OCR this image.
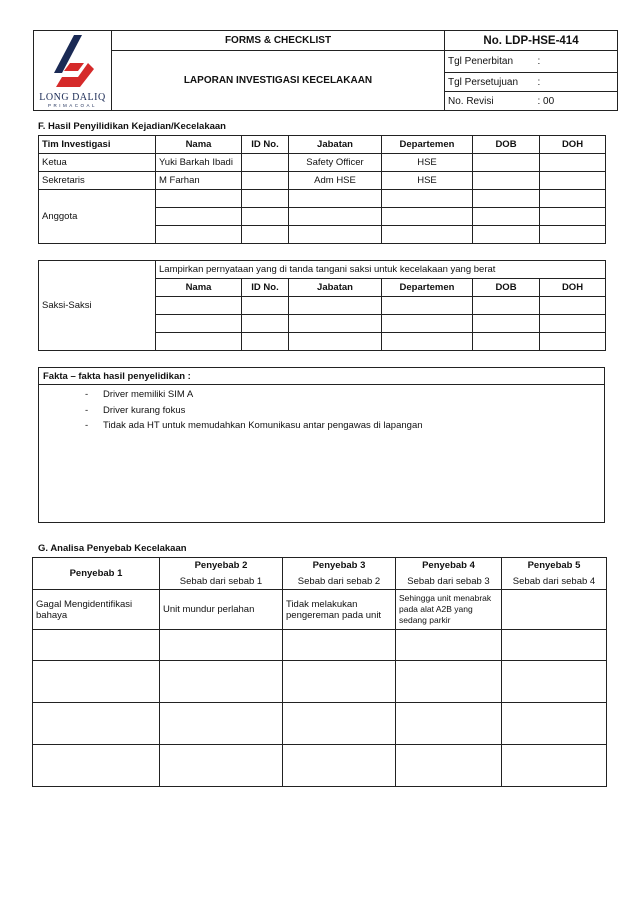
LONG DALIQ
PRIMACOAL	FORMS & CHECKLIST	No. LDP-HSE-414	
	LAPORAN INVESTIGASI KECELAKAAN	Tgl Penerbitan	:
		Tgl Persetujuan	:
		No. Revisi	: 00
F. Hasil Penyilidikan Kejadian/Kecelakaan
Tim Investigasi	Nama	ID No.	Jabatan	Departemen	DOB	DOH
Ketua	Yuki Barkah Ibadi		Safety Officer	HSE		
Sekretaris	M Farhan		Adm HSE	HSE		
Anggota						

Saksi-Saksi	Lampirkan pernyataan yang di tanda tangani saksi untuk kecelakaan yang berat					
	Nama	ID No.	Jabatan	Departemen	DOB	DOH

Fakta – fakta hasil penyelidikan :
- Driver memiliki SIM A
- Driver kurang fokus
- Tidak ada HT untuk memudahkan Komunikasu antar pengawas di lapangan
G. Analisa Penyebab Kecelakaan
Penyebab 1	Penyebab 2	Penyebab 3	Penyebab 4	Penyebab 5
	Sebab dari sebab 1	Sebab dari sebab 2	Sebab dari sebab 3	Sebab dari sebab 4
Gagal Mengidentifikasi bahaya	Unit mundur perlahan	Tidak melakukan pengereman pada unit	Sehingga unit menabrak pada alat A2B yang sedang parkir	
